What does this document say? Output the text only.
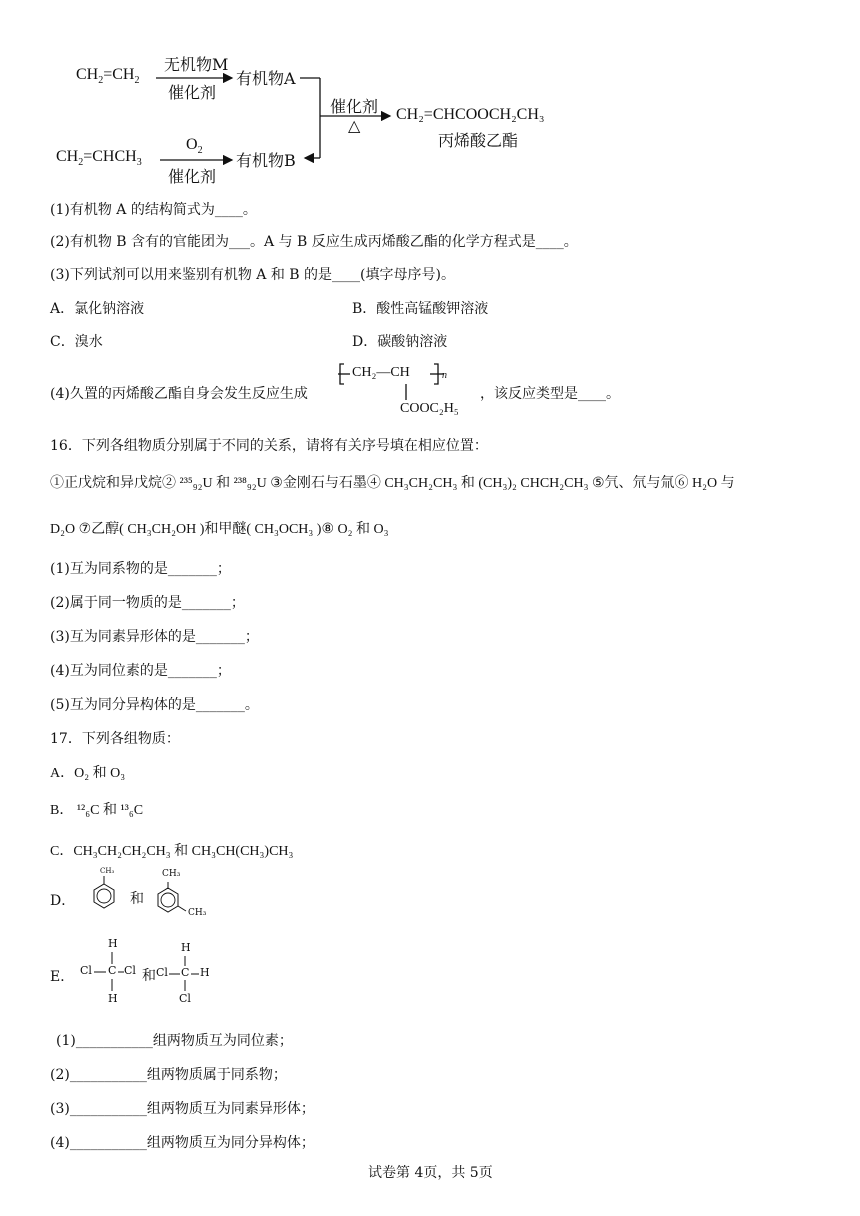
$CH_2=CH_2$
无机物M
催化剂
有机物A
$CH_2=CHCH_3$
$O_2$
催化剂
有机物B
催化剂
△
CH₂=CHCOOCH₂CH₃
丙烯酸乙酯
(1)有机物 A 的结构简式为____。
(2)有机物 B 含有的官能团为___。A 与 B 反应生成丙烯酸乙酯的化学方程式是____。
(3)下列试剂可以用来鉴别有机物 A 和 B 的是____(填字母序号)。
A．氯化钠溶液	B．酸性高锰酸钾溶液
C．溴水	D．碳酸钠溶液
(4)久置的丙烯酸乙酯自身会发生反应生成
CH₂—CH	n
COOC₂H₅
，该反应类型是____。
16．下列各组物质分别属于不同的关系，请将有关序号填在相应位置：
①正戊烷和异戊烷② ²³⁵₉₂U 和 ²³⁸₉₂U ③金刚石与石墨④ CH₃CH₂CH₃ 和 (CH₃)₂ CHCH₂CH₃ ⑤氕、氘与氚⑥ H₂O 与
D₂O ⑦乙醇( CH₃CH₂OH )和甲醚( CH₃OCH₃ )⑧ O₂ 和 O₃
(1)互为同系物的是_______；
(2)属于同一物质的是_______；
(3)互为同素异形体的是_______；
(4)互为同位素的是_______；
(5)互为同分异构体的是_______。
17．下列各组物质：
A．O₂ 和 O₃
B． ¹²₆C 和 ¹³₆C
C．CH₃CH₂CH₂CH₃ 和 CH₃CH(CH₃)CH₃
D．	和
CH₃	CH₃
CH₃
E．
H
Cl C Cl
H
和
H
Cl C H
Cl
(1)___________组两物质互为同位素；
(2)___________组两物质属于同系物；
(3)___________组两物质互为同素异形体；
(4)___________组两物质互为同分异构体；
试卷第 4页，共 5页
